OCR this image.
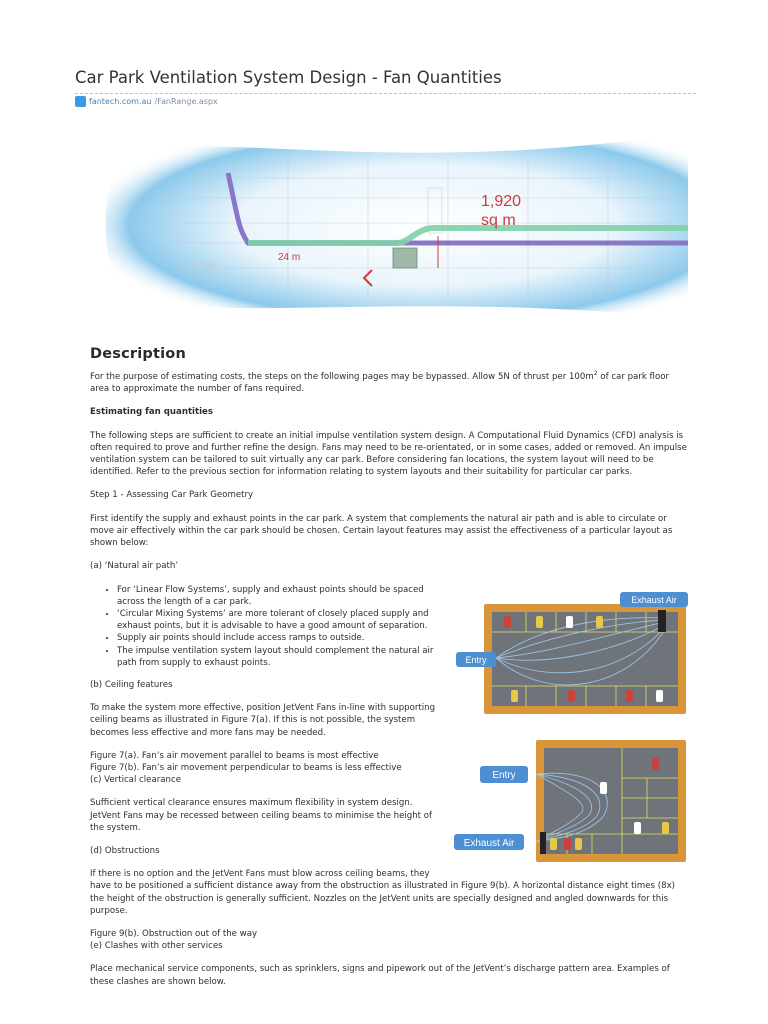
Car Park Ventilation System Design - Fan Quantities
fantech.com.au /FanRange.aspx
1,920
sq m
24 m
1,920
Description

For the purpose of estimating costs, the steps on the following pages may be bypassed. Allow 5N of thrust per $100m^2$ of car park floor area to approximate the number of fans required.

Estimating fan quantities

The following steps are sufficient to create an initial impulse ventilation system design. A Computational Fluid Dynamics (CFD) analysis is often required to prove and further refine the design. Fans may need to be re-orientated, or in some cases, added or removed. An impulse ventilation system can be tailored to suit virtually any car park. Before considering fan locations, the system layout will need to be identified. Refer to the previous section for information relating to system layouts and their suitability for particular car parks.

Step 1 - Assessing Car Park Geometry

First identify the supply and exhaust points in the car park. A system that complements the natural air path and is able to circulate or move air effectively within the car park should be chosen. Certain layout features may assist the effectiveness of a particular layout as shown below:

(a) ‘Natural air path’

• For ‘Linear Flow Systems’, supply and exhaust points should be spaced across the length of a car park.
• ‘Circular Mixing Systems’ are more tolerant of closely placed supply and exhaust points, but it is advisable to have a good amount of separation.
• Supply air points should include access ramps to outside.
• The impulse ventilation system layout should complement the natural air path from supply to exhaust points.

(b) Ceiling features

To make the system more effective, position JetVent Fans in-line with supporting ceiling beams as illustrated in Figure 7(a). If this is not possible, the system becomes less effective and more fans may be needed.

Figure 7(a). Fan’s air movement parallel to beams is most effective
Figure 7(b). Fan’s air movement perpendicular to beams is less effective
(c) Vertical clearance

Sufficient vertical clearance ensures maximum flexibility in system design. JetVent Fans may be recessed between ceiling beams to minimise the height of the system.

(d) Obstructions

If there is no option and the JetVent Fans must blow across ceiling beams, they
have to be positioned a sufficient distance away from the obstruction as illustrated in Figure 9(b). A horizontal distance eight times (8x) the height of the obstruction is generally sufficient. Nozzles on the JetVent units are specially designed and angled downwards for this purpose.

Figure 9(b). Obstruction out of the way
(e) Clashes with other services

Place mechanical service components, such as sprinklers, signs and pipework out of the JetVent’s discharge pattern area. Examples of these clashes are shown below.

Exhaust Air
Entry
Entry
Exhaust Air
